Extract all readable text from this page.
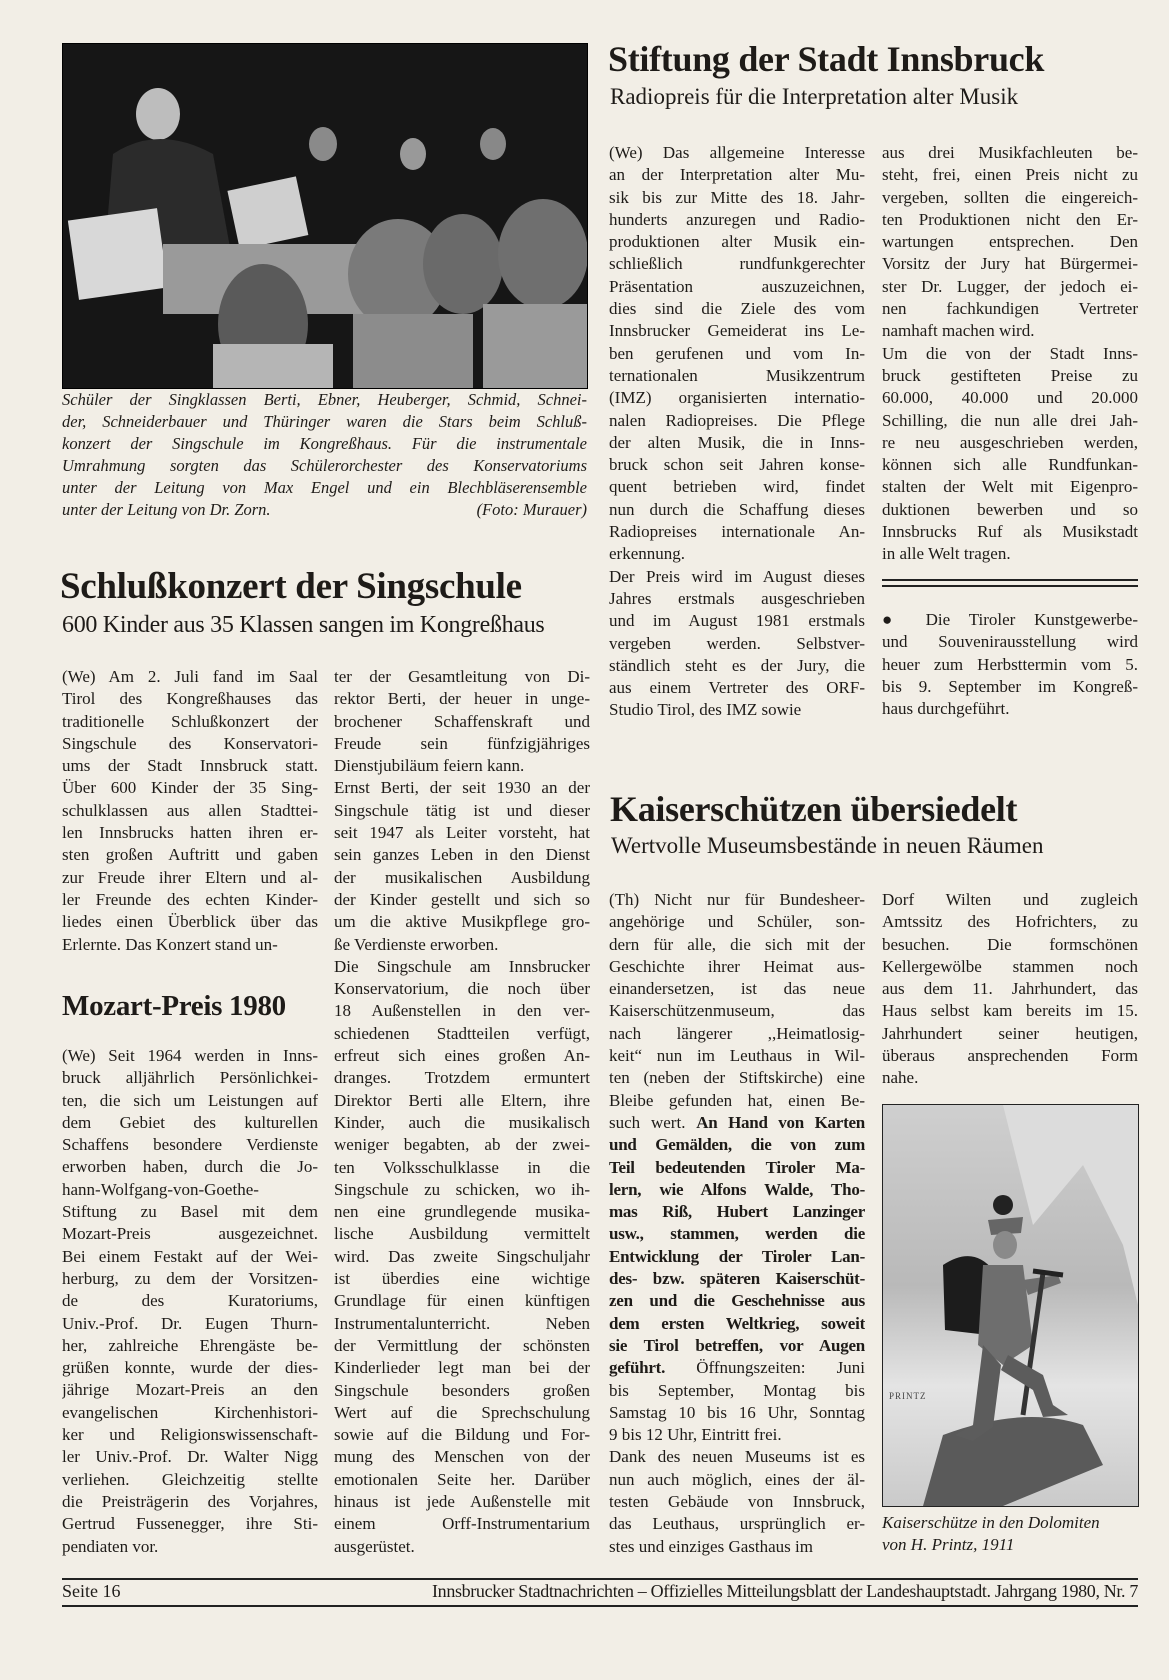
Schüler der Singklassen Berti, Ebner, Heuberger, Schmid, Schnei-
der, Schneiderbauer und Thüringer waren die Stars beim Schluß-
konzert der Singschule im Kongreßhaus. Für die instrumentale
Umrahmung sorgten das Schülerorchester des Konservatoriums
unter der Leitung von Max Engel und ein Blechbläserensemble
unter der Leitung von Dr. Zorn.	(Foto: Murauer)
Schlußkonzert der Singschule
600 Kinder aus 35 Klassen sangen im Kongreßhaus
(We) Am 2. Juli fand im Saal
Tirol des Kongreßhauses das
traditionelle Schlußkonzert der
Singschule des Konservatori-
ums der Stadt Innsbruck statt.
Über 600 Kinder der 35 Sing-
schulklassen aus allen Stadttei-
len Innsbrucks hatten ihren er-
sten großen Auftritt und gaben
zur Freude ihrer Eltern und al-
ler Freunde des echten Kinder-
liedes einen Überblick über das
Erlernte. Das Konzert stand un-
ter der Gesamtleitung von Di-
rektor Berti, der heuer in unge-
brochener Schaffenskraft und
Freude sein fünfzigjähriges
Dienstjubiläum feiern kann.
Ernst Berti, der seit 1930 an der
Singschule tätig ist und dieser
seit 1947 als Leiter vorsteht, hat
sein ganzes Leben in den Dienst
der musikalischen Ausbildung
der Kinder gestellt und sich so
um die aktive Musikpflege gro-
ße Verdienste erworben.
Die Singschule am Innsbrucker
Konservatorium, die noch über
18 Außenstellen in den ver-
schiedenen Stadtteilen verfügt,
erfreut sich eines großen An-
dranges. Trotzdem ermuntert
Direktor Berti alle Eltern, ihre
Kinder, auch die musikalisch
weniger begabten, ab der zwei-
ten Volksschulklasse in die
Singschule zu schicken, wo ih-
nen eine grundlegende musika-
lische Ausbildung vermittelt
wird. Das zweite Singschuljahr
ist überdies eine wichtige
Grundlage für einen künftigen
Instrumentalunterricht. Neben
der Vermittlung der schönsten
Kinderlieder legt man bei der
Singschule besonders großen
Wert auf die Sprechschulung
sowie auf die Bildung und For-
mung des Menschen von der
emotionalen Seite her. Darüber
hinaus ist jede Außenstelle mit
einem Orff-Instrumentarium
ausgerüstet.
Mozart-Preis 1980
(We) Seit 1964 werden in Inns-
bruck alljährlich Persönlichkei-
ten, die sich um Leistungen auf
dem Gebiet des kulturellen
Schaffens besondere Verdienste
erworben haben, durch die Jo-
hann-Wolfgang-von-Goethe-
Stiftung zu Basel mit dem
Mozart-Preis ausgezeichnet.
Bei einem Festakt auf der Wei-
herburg, zu dem der Vorsitzen-
de des Kuratoriums,
Univ.-Prof. Dr. Eugen Thurn-
her, zahlreiche Ehrengäste be-
grüßen konnte, wurde der dies-
jährige Mozart-Preis an den
evangelischen Kirchenhistori-
ker und Religionswissenschaft-
ler Univ.-Prof. Dr. Walter Nigg
verliehen. Gleichzeitig stellte
die Preisträgerin des Vorjahres,
Gertrud Fussenegger, ihre Sti-
pendiaten vor.
Stiftung der Stadt Innsbruck
Radiopreis für die Interpretation alter Musik
(We) Das allgemeine Interesse
an der Interpretation alter Mu-
sik bis zur Mitte des 18. Jahr-
hunderts anzuregen und Radio-
produktionen alter Musik ein-
schließlich rundfunkgerechter
Präsentation auszuzeichnen,
dies sind die Ziele des vom
Innsbrucker Gemeiderat ins Le-
ben gerufenen und vom In-
ternationalen Musikzentrum
(IMZ) organisierten internatio-
nalen Radiopreises. Die Pflege
der alten Musik, die in Inns-
bruck schon seit Jahren konse-
quent betrieben wird, findet
nun durch die Schaffung dieses
Radiopreises internationale An-
erkennung.
Der Preis wird im August dieses
Jahres erstmals ausgeschrieben
und im August 1981 erstmals
vergeben werden. Selbstver-
ständlich steht es der Jury, die
aus einem Vertreter des ORF-
Studio Tirol, des IMZ sowie
aus drei Musikfachleuten be-
steht, frei, einen Preis nicht zu
vergeben, sollten die eingereich-
ten Produktionen nicht den Er-
wartungen entsprechen. Den
Vorsitz der Jury hat Bürgermei-
ster Dr. Lugger, der jedoch ei-
nen fachkundigen Vertreter
namhaft machen wird.
Um die von der Stadt Inns-
bruck gestifteten Preise zu
60.000, 40.000 und 20.000
Schilling, die nun alle drei Jah-
re neu ausgeschrieben werden,
können sich alle Rundfunkan-
stalten der Welt mit Eigenpro-
duktionen bewerben und so
Innsbrucks Ruf als Musikstadt
in alle Welt tragen.
● Die Tiroler Kunstgewerbe-
und Souvenirausstellung wird
heuer zum Herbsttermin vom 5.
bis 9. September im Kongreß-
haus durchgeführt.
Kaiserschützen übersiedelt
Wertvolle Museumsbestände in neuen Räumen
(Th) Nicht nur für Bundesheer-
angehörige und Schüler, son-
dern für alle, die sich mit der
Geschichte ihrer Heimat aus-
einandersetzen, ist das neue
Kaiserschützenmuseum, das
nach längerer ,,Heimatlosig-
keit“ nun im Leuthaus in Wil-
ten (neben der Stiftskirche) eine
Bleibe gefunden hat, einen Be-
such wert. An Hand von Karten
und Gemälden, die von zum
Teil bedeutenden Tiroler Ma-
lern, wie Alfons Walde, Tho-
mas Riß, Hubert Lanzinger
usw., stammen, werden die
Entwicklung der Tiroler Lan-
des- bzw. späteren Kaiserschüt-
zen und die Geschehnisse aus
dem ersten Weltkrieg, soweit
sie Tirol betreffen, vor Augen
geführt. Öffnungszeiten: Juni
bis September, Montag bis
Samstag 10 bis 16 Uhr, Sonntag
9 bis 12 Uhr, Eintritt frei.
Dank des neuen Museums ist es
nun auch möglich, eines der äl-
testen Gebäude von Innsbruck,
das Leuthaus, ursprünglich er-
stes und einziges Gasthaus im
Dorf Wilten und zugleich
Amtssitz des Hofrichters, zu
besuchen. Die formschönen
Kellergewölbe stammen noch
aus dem 11. Jahrhundert, das
Haus selbst kam bereits im 15.
Jahrhundert seiner heutigen,
überaus ansprechenden Form
nahe.
PRINTZ
Kaiserschütze in den Dolomiten
von H. Printz, 1911
Seite 16	Innsbrucker Stadtnachrichten – Offizielles Mitteilungsblatt der Landeshauptstadt. Jahrgang 1980, Nr. 7
